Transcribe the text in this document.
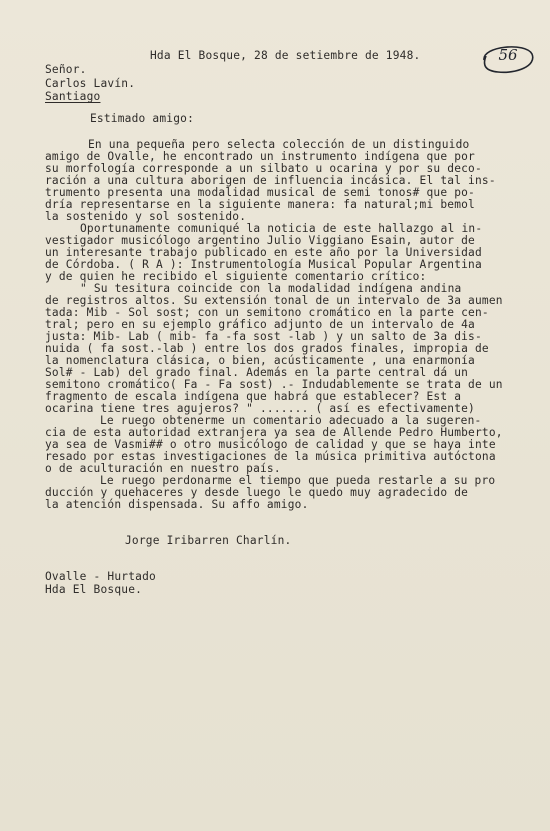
56
Hda El Bosque, 28 de setiembre de 1948.
Señor.
Carlos Lavín.
Santiago
Estimado amigo:
En una pequeña pero selecta colección de un distinguido
amigo de Ovalle, he encontrado un instrumento indígena que por
su morfología corresponde a un silbato u ocarina y por su deco-
ración a una cultura aborigen de influencia incásica. El tal ins-
trumento presenta una modalidad musical de semi tonos# que po-
dría representarse en la siguiente manera: fa natural;mi bemol
la sostenido y sol sostenido.
Oportunamente comuniqué la noticia de este hallazgo al in-
vestigador musicólogo argentino Julio Viggiano Esain, autor de
un interesante trabajo publicado en este año por la Universidad
de Córdoba. ( R A ): Instrumentología Musical Popular Argentina
y de quien he recibido el siguiente comentario crítico:
" Su tesitura coincide con la modalidad indígena andina
de registros altos. Su extensión tonal de un intervalo de 3a aumen
tada: Mib - Sol sost; con un semitono cromático en la parte cen-
tral; pero en su ejemplo gráfico adjunto de un intervalo de 4a
justa: Mib- Lab ( mib- fa -fa sost -lab ) y un salto de 3a dis-
nuida ( fa sost.-lab ) entre los dos grados finales, impropia de
la nomenclatura clásica, o bien, acústicamente , una enarmonía
Sol# - Lab) del grado final. Además en la parte central dá un
semitono cromático( Fa - Fa sost) .- Indudablemente se trata de un
fragmento de escala indígena que habrá que establecer? Est a
ocarina tiene tres agujeros? " ....... ( así es efectivamente)
Le ruego obtenerme un comentario adecuado a la sugeren-
cia de esta autoridad extranjera ya sea de Allende Pedro Humberto,
ya sea de Vasmi## o otro musicólogo de calidad y que se haya inte
resado por estas investigaciones de la música primitiva autóctona
o de aculturación en nuestro país.
Le ruego perdonarme el tiempo que pueda restarle a su pro
ducción y quehaceres y desde luego le quedo muy agradecido de
la atención dispensada. Su affo amigo.
Jorge Iribarren Charlín.
Ovalle - Hurtado
Hda El Bosque.
